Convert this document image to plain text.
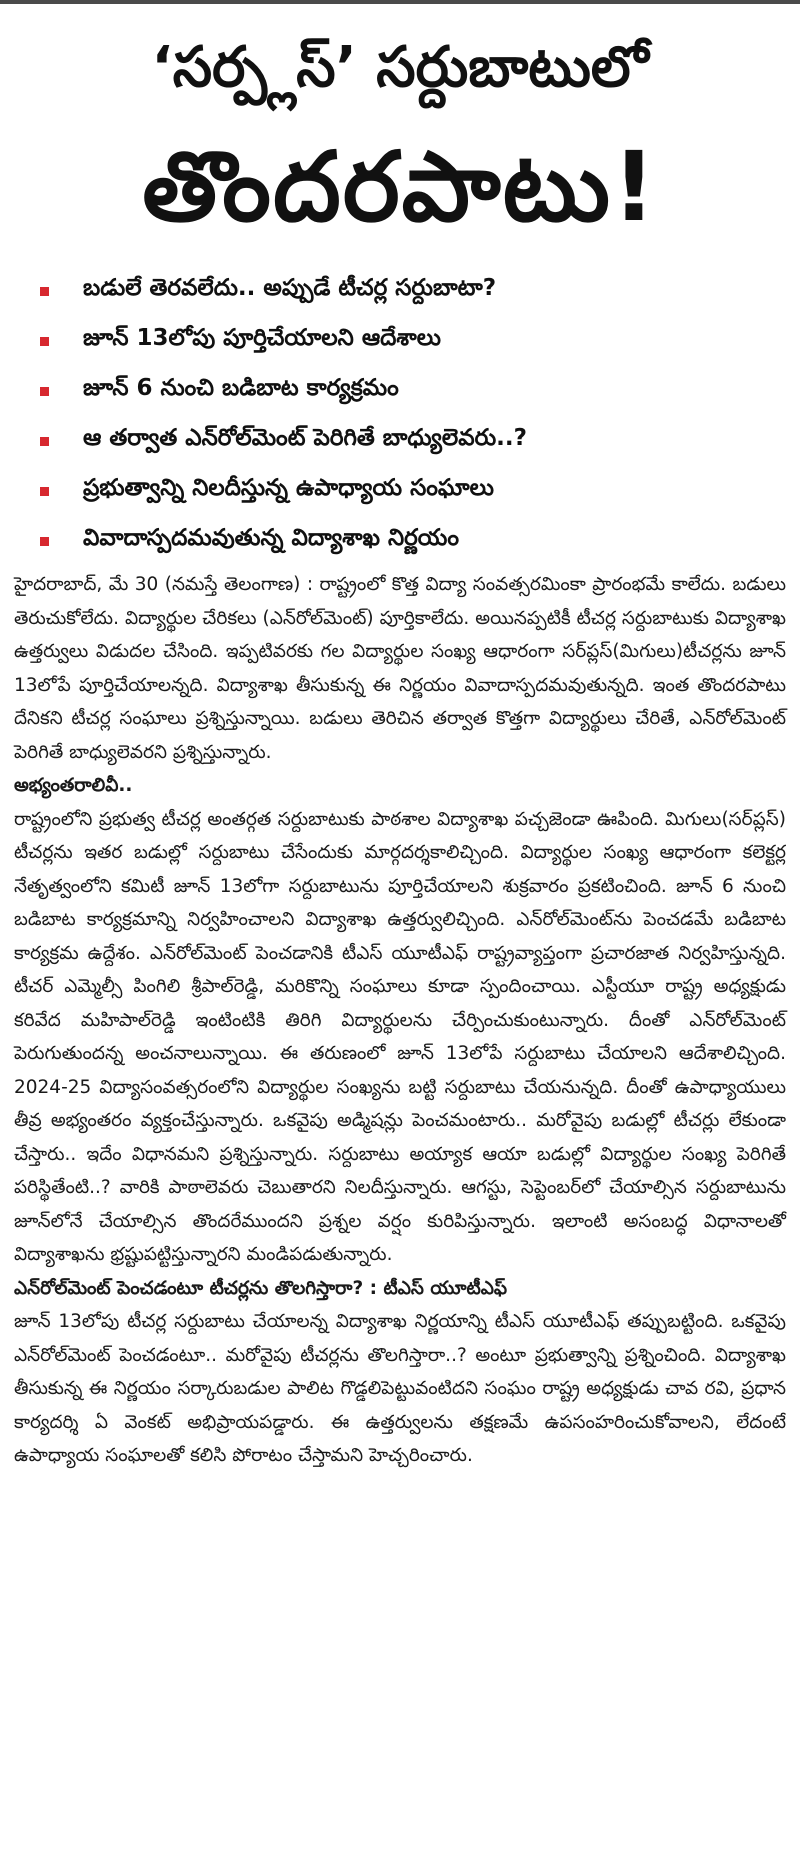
‘సర్ప్లస్’ సర్దుబాటులో
తొందరపాటు!
బడులే తెరవలేదు.. అప్పుడే టీచర్ల సర్దుబాటా?
జూన్ 13లోపు పూర్తిచేయాలని ఆదేశాలు
జూన్ 6 నుంచి బడిబాట కార్యక్రమం
ఆ తర్వాత ఎన్‌రోల్‌మెంట్ పెరిగితే బాధ్యులెవరు..?
ప్రభుత్వాన్ని నిలదీస్తున్న ఉపాధ్యాయ సంఘాలు
వివాదాస్పదమవుతున్న విద్యాశాఖ నిర్ణయం

హైదరాబాద్, మే 30 (నమస్తే తెలంగాణ) : రాష్ట్రంలో కొత్త విద్యా సంవత్సరమింకా ప్రారంభమే కాలేదు. బడులు తెరుచుకోలేదు. విద్యార్థుల చేరికలు (ఎన్‌రోల్‌మెంట్) పూర్తికాలేదు. అయినప్పటికీ టీచర్ల సర్దుబాటుకు విద్యాశాఖ ఉత్తర్వులు విడుదల చేసింది. ఇప్పటివరకు గల విద్యార్థుల సంఖ్య ఆధారంగా సర్‌ప్లస్(మిగులు)టీచర్లను జూన్ 13లోపే పూర్తిచేయాలన్నది. విద్యాశాఖ తీసుకున్న ఈ నిర్ణయం వివాదాస్పదమవుతున్నది. ఇంత తొందరపాటు దేనికని టీచర్ల సంఘాలు ప్రశ్నిస్తున్నాయి. బడులు తెరిచిన తర్వాత కొత్తగా విద్యార్థులు చేరితే, ఎన్‌రోల్‌మెంట్ పెరిగితే బాధ్యులెవరని ప్రశ్నిస్తున్నారు.

అభ్యంతరాలివీ..

రాష్ట్రంలోని ప్రభుత్వ టీచర్ల అంతర్గత సర్దుబాటుకు పాఠశాల విద్యాశాఖ పచ్చజెండా ఊపింది. మిగులు(సర్‌ప్లస్) టీచర్లను ఇతర బడుల్లో సర్దుబాటు చేసేందుకు మార్గదర్శకాలిచ్చింది. విద్యార్థుల సంఖ్య ఆధారంగా కలెక్టర్ల నేతృత్వంలోని కమిటీ జూన్ 13లోగా సర్దుబాటును పూర్తిచేయాలని శుక్రవారం ప్రకటించింది. జూన్ 6 నుంచి బడిబాట కార్యక్రమాన్ని నిర్వహించాలని విద్యాశాఖ ఉత్తర్వులిచ్చింది. ఎన్‌రోల్‌మెంట్‌ను పెంచడమే బడిబాట కార్యక్రమ ఉద్దేశం. ఎన్‌రోల్‌మెంట్ పెంచడానికి టీఎస్ యూటీఎఫ్ రాష్ట్రవ్యాప్తంగా ప్రచారజాత నిర్వహిస్తున్నది. టీచర్ ఎమ్మెల్సీ పింగిలి శ్రీపాల్‌రెడ్డి, మరికొన్ని సంఘాలు కూడా స్పందించాయి. ఎస్టీయూ రాష్ట్ర అధ్యక్షుడు కరివేద మహిపాల్‌రెడ్డి ఇంటింటికి తిరిగి విద్యార్థులను చేర్పించుకుంటున్నారు. దీంతో ఎన్‌రోల్‌మెంట్ పెరుగుతుందన్న అంచనాలున్నాయి. ఈ తరుణంలో జూన్ 13లోపే సర్దుబాటు చేయాలని ఆదేశాలిచ్చింది. 2024-25 విద్యాసంవత్సరంలోని విద్యార్థుల సంఖ్యను బట్టి సర్దుబాటు చేయనున్నది. దీంతో ఉపాధ్యాయులు తీవ్ర అభ్యంతరం వ్యక్తంచేస్తున్నారు. ఒకవైపు అడ్మిషన్లు పెంచమంటారు.. మరోవైపు బడుల్లో టీచర్లు లేకుండా చేస్తారు.. ఇదేం విధానమని ప్రశ్నిస్తున్నారు. సర్దుబాటు అయ్యాక ఆయా బడుల్లో విద్యార్థుల సంఖ్య పెరిగితే పరిస్థితేంటి..? వారికి పాఠాలెవరు చెబుతారని నిలదీస్తున్నారు. ఆగస్టు, సెప్టెంబర్‌లో చేయాల్సిన సర్దుబాటును జూన్‌లోనే చేయాల్సిన తొందరేముందని ప్రశ్నల వర్షం కురిపిస్తున్నారు. ఇలాంటి అసంబద్ధ విధానాలతో విద్యాశాఖను భ్రష్టుపట్టిస్తున్నారని మండిపడుతున్నారు.

ఎన్‌రోల్‌మెంట్ పెంచడంటూ టీచర్లను తొలగిస్తారా? : టీఎస్ యూటీఎఫ్

జూన్ 13లోపు టీచర్ల సర్దుబాటు చేయాలన్న విద్యాశాఖ నిర్ణయాన్ని టీఎస్ యూటీఎఫ్ తప్పుబట్టింది. ఒకవైపు ఎన్‌రోల్‌మెంట్ పెంచడంటూ.. మరోవైపు టీచర్లను తొలగిస్తారా..? అంటూ ప్రభుత్వాన్ని ప్రశ్నించింది. విద్యాశాఖ తీసుకున్న ఈ నిర్ణయం సర్కారుబడుల పాలిట గొడ్డలిపెట్టువంటిదని సంఘం రాష్ట్ర అధ్యక్షుడు చావ రవి, ప్రధాన కార్యదర్శి ఏ వెంకట్ అభిప్రాయపడ్డారు. ఈ ఉత్తర్వులను తక్షణమే ఉపసంహరించుకోవాలని, లేదంటే ఉపాధ్యాయ సంఘాలతో కలిసి పోరాటం చేస్తామని హెచ్చరించారు.
